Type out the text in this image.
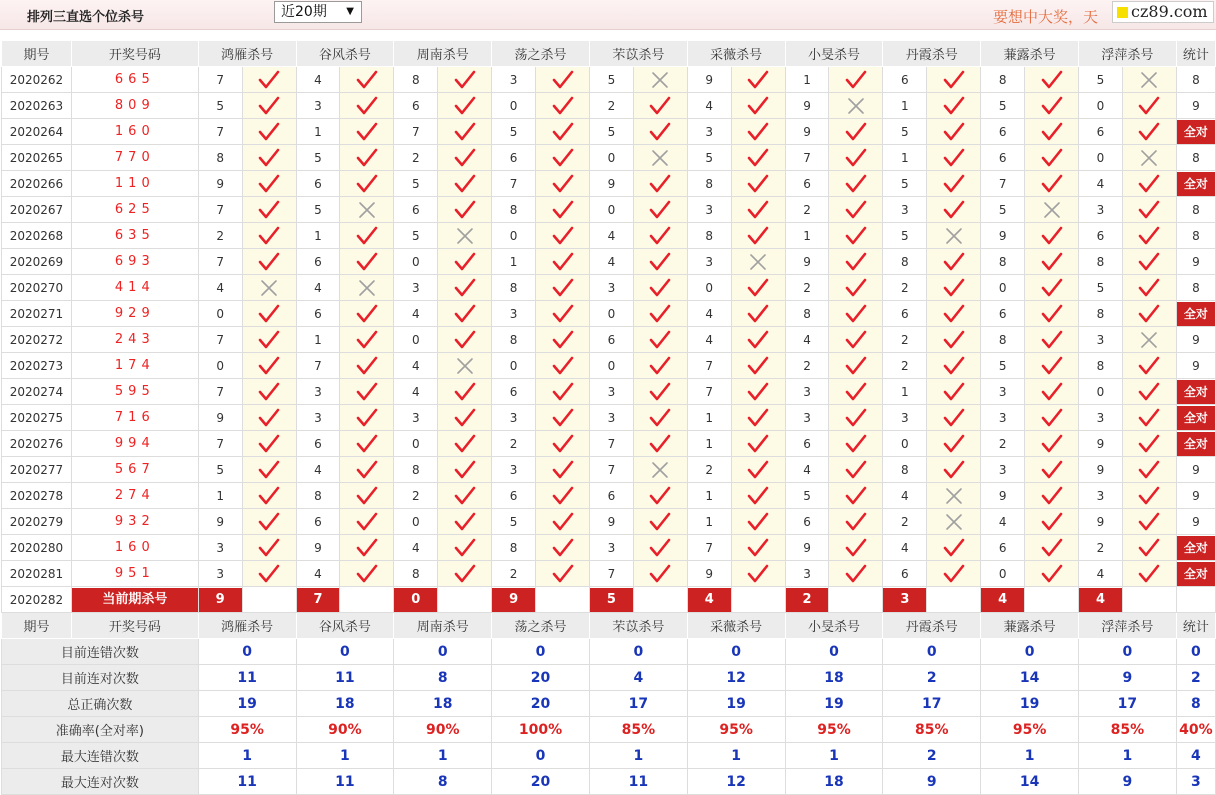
排列三直选个位杀号	近20期 ▼	要想中大奖，天	cz89.com
期号	开奖号码	鸿雁杀号		谷风杀号		周南杀号		荡之杀号		芣苡杀号		采薇杀号		小旻杀号		丹霞杀号		蒹露杀号		浮萍杀号		统计
2020262	665	7		4		8		3		5		9		1		6		8		5		8
2020263	809	5		3		6		0		2		4		9		1		5		0		9
2020264	160	7		1		7		5		5		3		9		5		6		6		全对
2020265	770	8		5		2		6		0		5		7		1		6		0		8
2020266	110	9		6		5		7		9		8		6		5		7		4		全对
2020267	625	7		5		6		8		0		3		2		3		5		3		8
2020268	635	2		1		5		0		4		8		1		5		9		6		8
2020269	693	7		6		0		1		4		3		9		8		8		8		9
2020270	414	4		4		3		8		3		0		2		2		0		5		8
2020271	929	0		6		4		3		0		4		8		6		6		8		全对
2020272	243	7		1		0		8		6		4		4		2		8		3		9
2020273	174	0		7		4		0		0		7		2		2		5		8		9
2020274	595	7		3		4		6		3		7		3		1		3		0		全对
2020275	716	9		3		3		3		3		1		3		3		3		3		全对
2020276	994	7		6		0		2		7		1		6		0		2		9		全对
2020277	567	5		4		8		3		7		2		4		8		3		9		9
2020278	274	1		8		2		6		6		1		5		4		9		3		9
2020279	932	9		6		0		5		9		1		6		2		4		9		9
2020280	160	3		9		4		8		3		7		9		4		6		2		全对
2020281	951	3		4		8		2		7		9		3		6		0		4		全对
2020282	当前期杀号	9		7		0		9		5		4		2		3		4		4		
期号	开奖号码	鸿雁杀号		谷风杀号		周南杀号		荡之杀号		芣苡杀号		采薇杀号		小旻杀号		丹霞杀号		蒹露杀号		浮萍杀号		统计
目前连错次数		0		0		0		0		0		0		0		0		0		0		0
目前连对次数		11		11		8		20		4		12		18		2		14		9		2
总正确次数		19		18		18		20		17		19		19		17		19		17		8
准确率(全对率)		95%		90%		90%		100%		85%		95%		95%		85%		95%		85%		40%
最大连错次数		1		1		1		0		1		1		1		2		1		1		4
最大连对次数		11		11		8		20		11		12		18		9		14		9		3
